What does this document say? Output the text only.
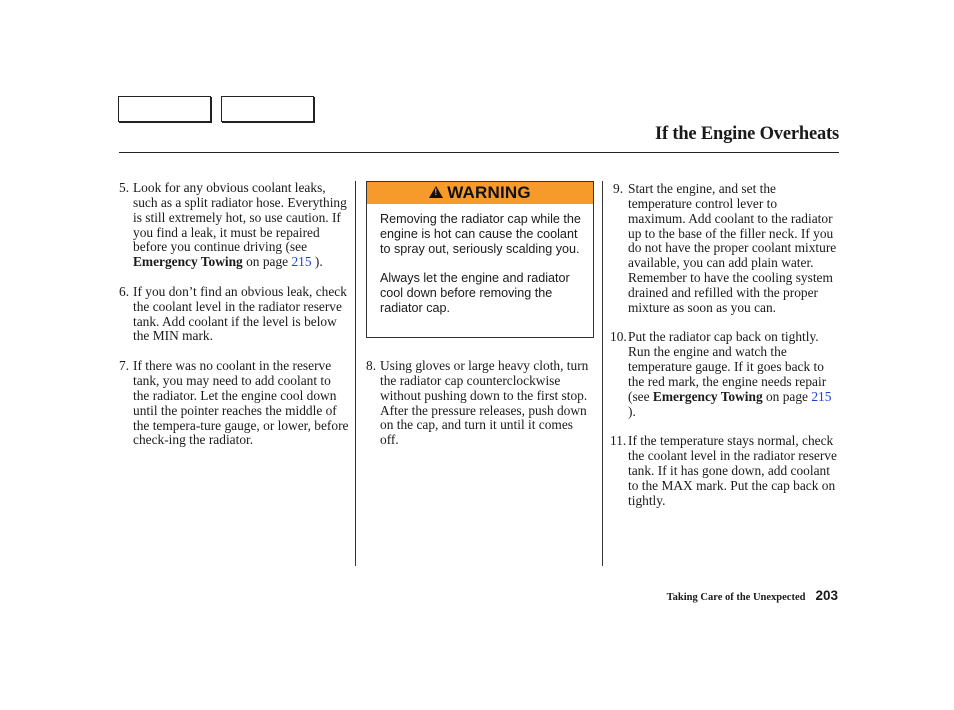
If the Engine Overheats
5. Look for any obvious coolant leaks, such as a split radiator hose. Everything is still extremely hot, so use caution. If you find a leak, it must be repaired before you continue driving (see Emergency Towing on page 215 ).
6. If you don’t find an obvious leak, check the coolant level in the radiator reserve tank. Add coolant if the level is below the MIN mark.
7. If there was no coolant in the reserve tank, you may need to add coolant to the radiator. Let the engine cool down until the pointer reaches the middle of the tempera-ture gauge, or lower, before check-ing the radiator.
!
WARNING

Removing the radiator cap while the engine is hot can cause the coolant to spray out, seriously scalding you.

Always let the engine and radiator cool down before removing the radiator cap.

8. Using gloves or large heavy cloth, turn the radiator cap counterclockwise without pushing down to the first stop. After the pressure releases, push down on the cap, and turn it until it comes off.
9. Start the engine, and set the temperature control lever to maximum. Add coolant to the radiator up to the base of the filler neck. If you do not have the proper coolant mixture available, you can add plain water. Remember to have the cooling system drained and refilled with the proper mixture as soon as you can.
10. Put the radiator cap back on tightly. Run the engine and watch the temperature gauge. If it goes back to the red mark, the engine needs repair (see Emergency Towing on page 215 ).
11. If the temperature stays normal, check the coolant level in the radiator reserve tank. If it has gone down, add coolant to the MAX mark. Put the cap back on tightly.
Taking Care of the Unexpected 203
